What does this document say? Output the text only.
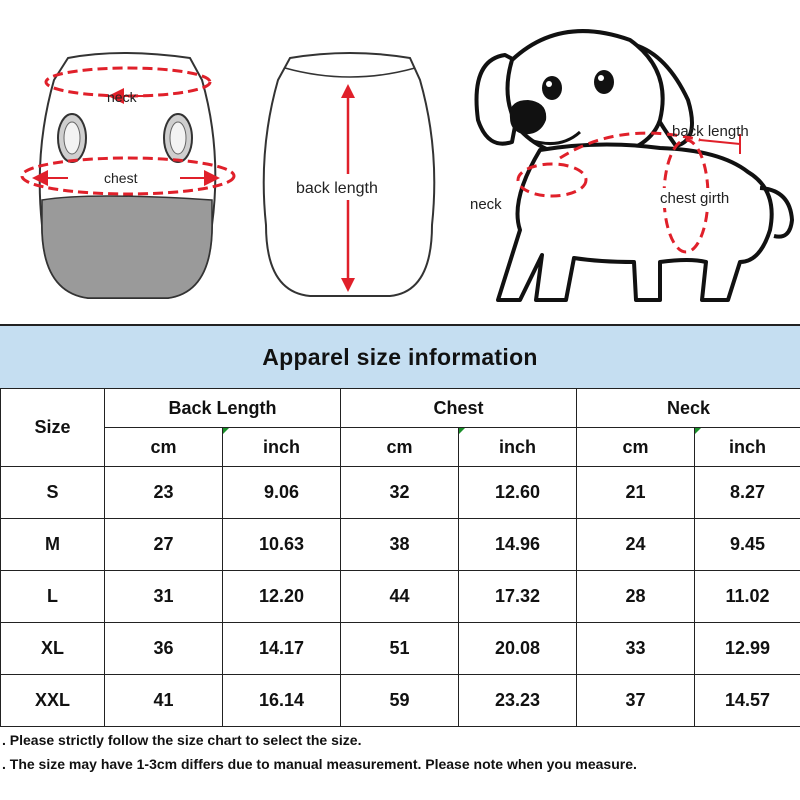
neck
chest
back length
back length
neck	chest girth
Apparel size information
Size	Back Length		Chest		Neck	
	cm	inch	cm	inch	cm	inch
S	23	9.06	32	12.60	21	8.27
M	27	10.63	38	14.96	24	9.45
L	31	12.20	44	17.32	28	11.02
XL	36	14.17	51	20.08	33	12.99
XXL	41	16.14	59	23.23	37	14.57
. Please strictly follow the size chart to select the size.
. The size may have 1-3cm differs due to manual measurement. Please note when you measure.
